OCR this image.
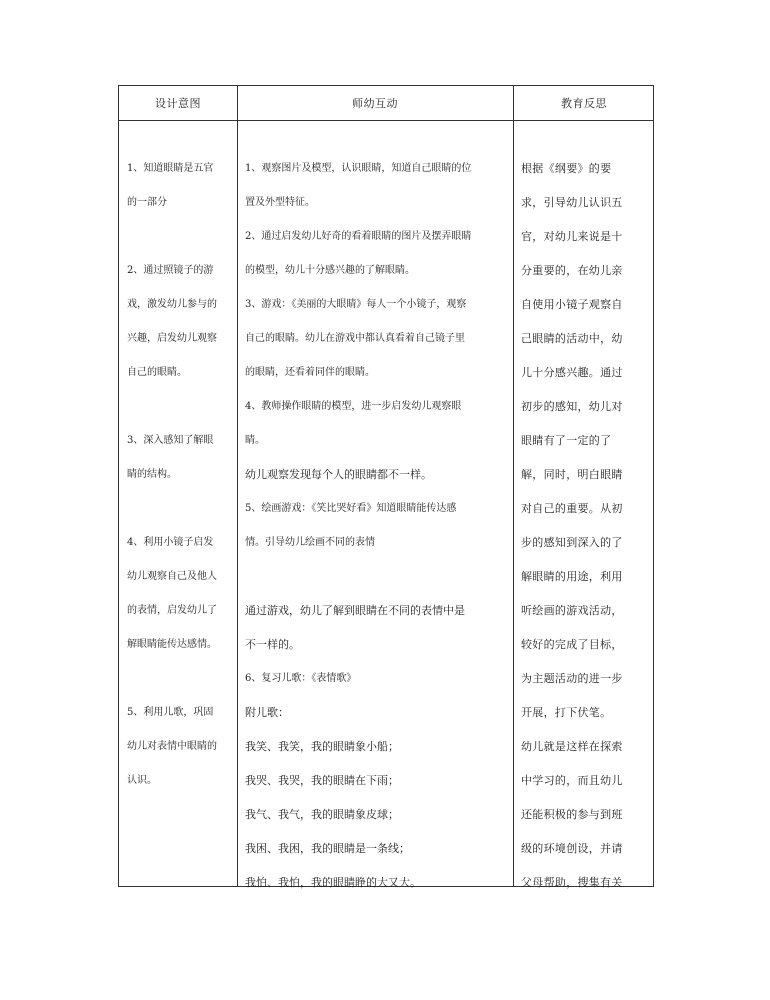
设计意图	师幼互动	教育反思
1、知道眼睛是五官
的一部分
2、通过照镜子的游
戏，激发幼儿参与的
兴趣，启发幼儿观察
自己的眼睛。
3、深入感知了解眼
睛的结构。
4、利用小镜子启发
幼儿观察自己及他人
的表情，启发幼儿了
解眼睛能传达感情。
5、利用儿歌，巩固
幼儿对表情中眼睛的
认识。
1、观察图片及模型，认识眼睛，知道自己眼睛的位
置及外型特征。
2、通过启发幼儿好奇的看着眼睛的图片及摆弄眼睛
的模型，幼儿十分感兴趣的了解眼睛。
3、游戏：《美丽的大眼睛》每人一个小镜子，观察
自己的眼睛。幼儿在游戏中都认真看着自己镜子里
的眼睛，还看着同伴的眼睛。
4、教师操作眼睛的模型，进一步启发幼儿观察眼
睛。
幼儿观察发现每个人的眼睛都不一样。
5、绘画游戏：《笑比哭好看》知道眼睛能传达感
情。引导幼儿绘画不同的表情
通过游戏，幼儿了解到眼睛在不同的表情中是
不一样的。
6、复习儿歌：《表情歌》
附儿歌：
我笑、我笑，我的眼睛象小船；
我哭、我哭，我的眼睛在下雨；
我气、我气，我的眼睛象皮球；
我困、我困，我的眼睛是一条线；
我怕、我怕，我的眼睛睁的大又大。
根据《纲要》的要
求，引导幼儿认识五
官，对幼儿来说是十
分重要的，在幼儿亲
自使用小镜子观察自
己眼睛的活动中，幼
儿十分感兴趣。通过
初步的感知，幼儿对
眼睛有了一定的了
解，同时，明白眼睛
对自己的重要。从初
步的感知到深入的了
解眼睛的用途，利用
听绘画的游戏活动，
较好的完成了目标，
为主题活动的进一步
开展，打下伏笔。
幼儿就是这样在探索
中学习的，而且幼儿
还能积极的参与到班
级的环境创设，并请
父母帮助，搜集有关
